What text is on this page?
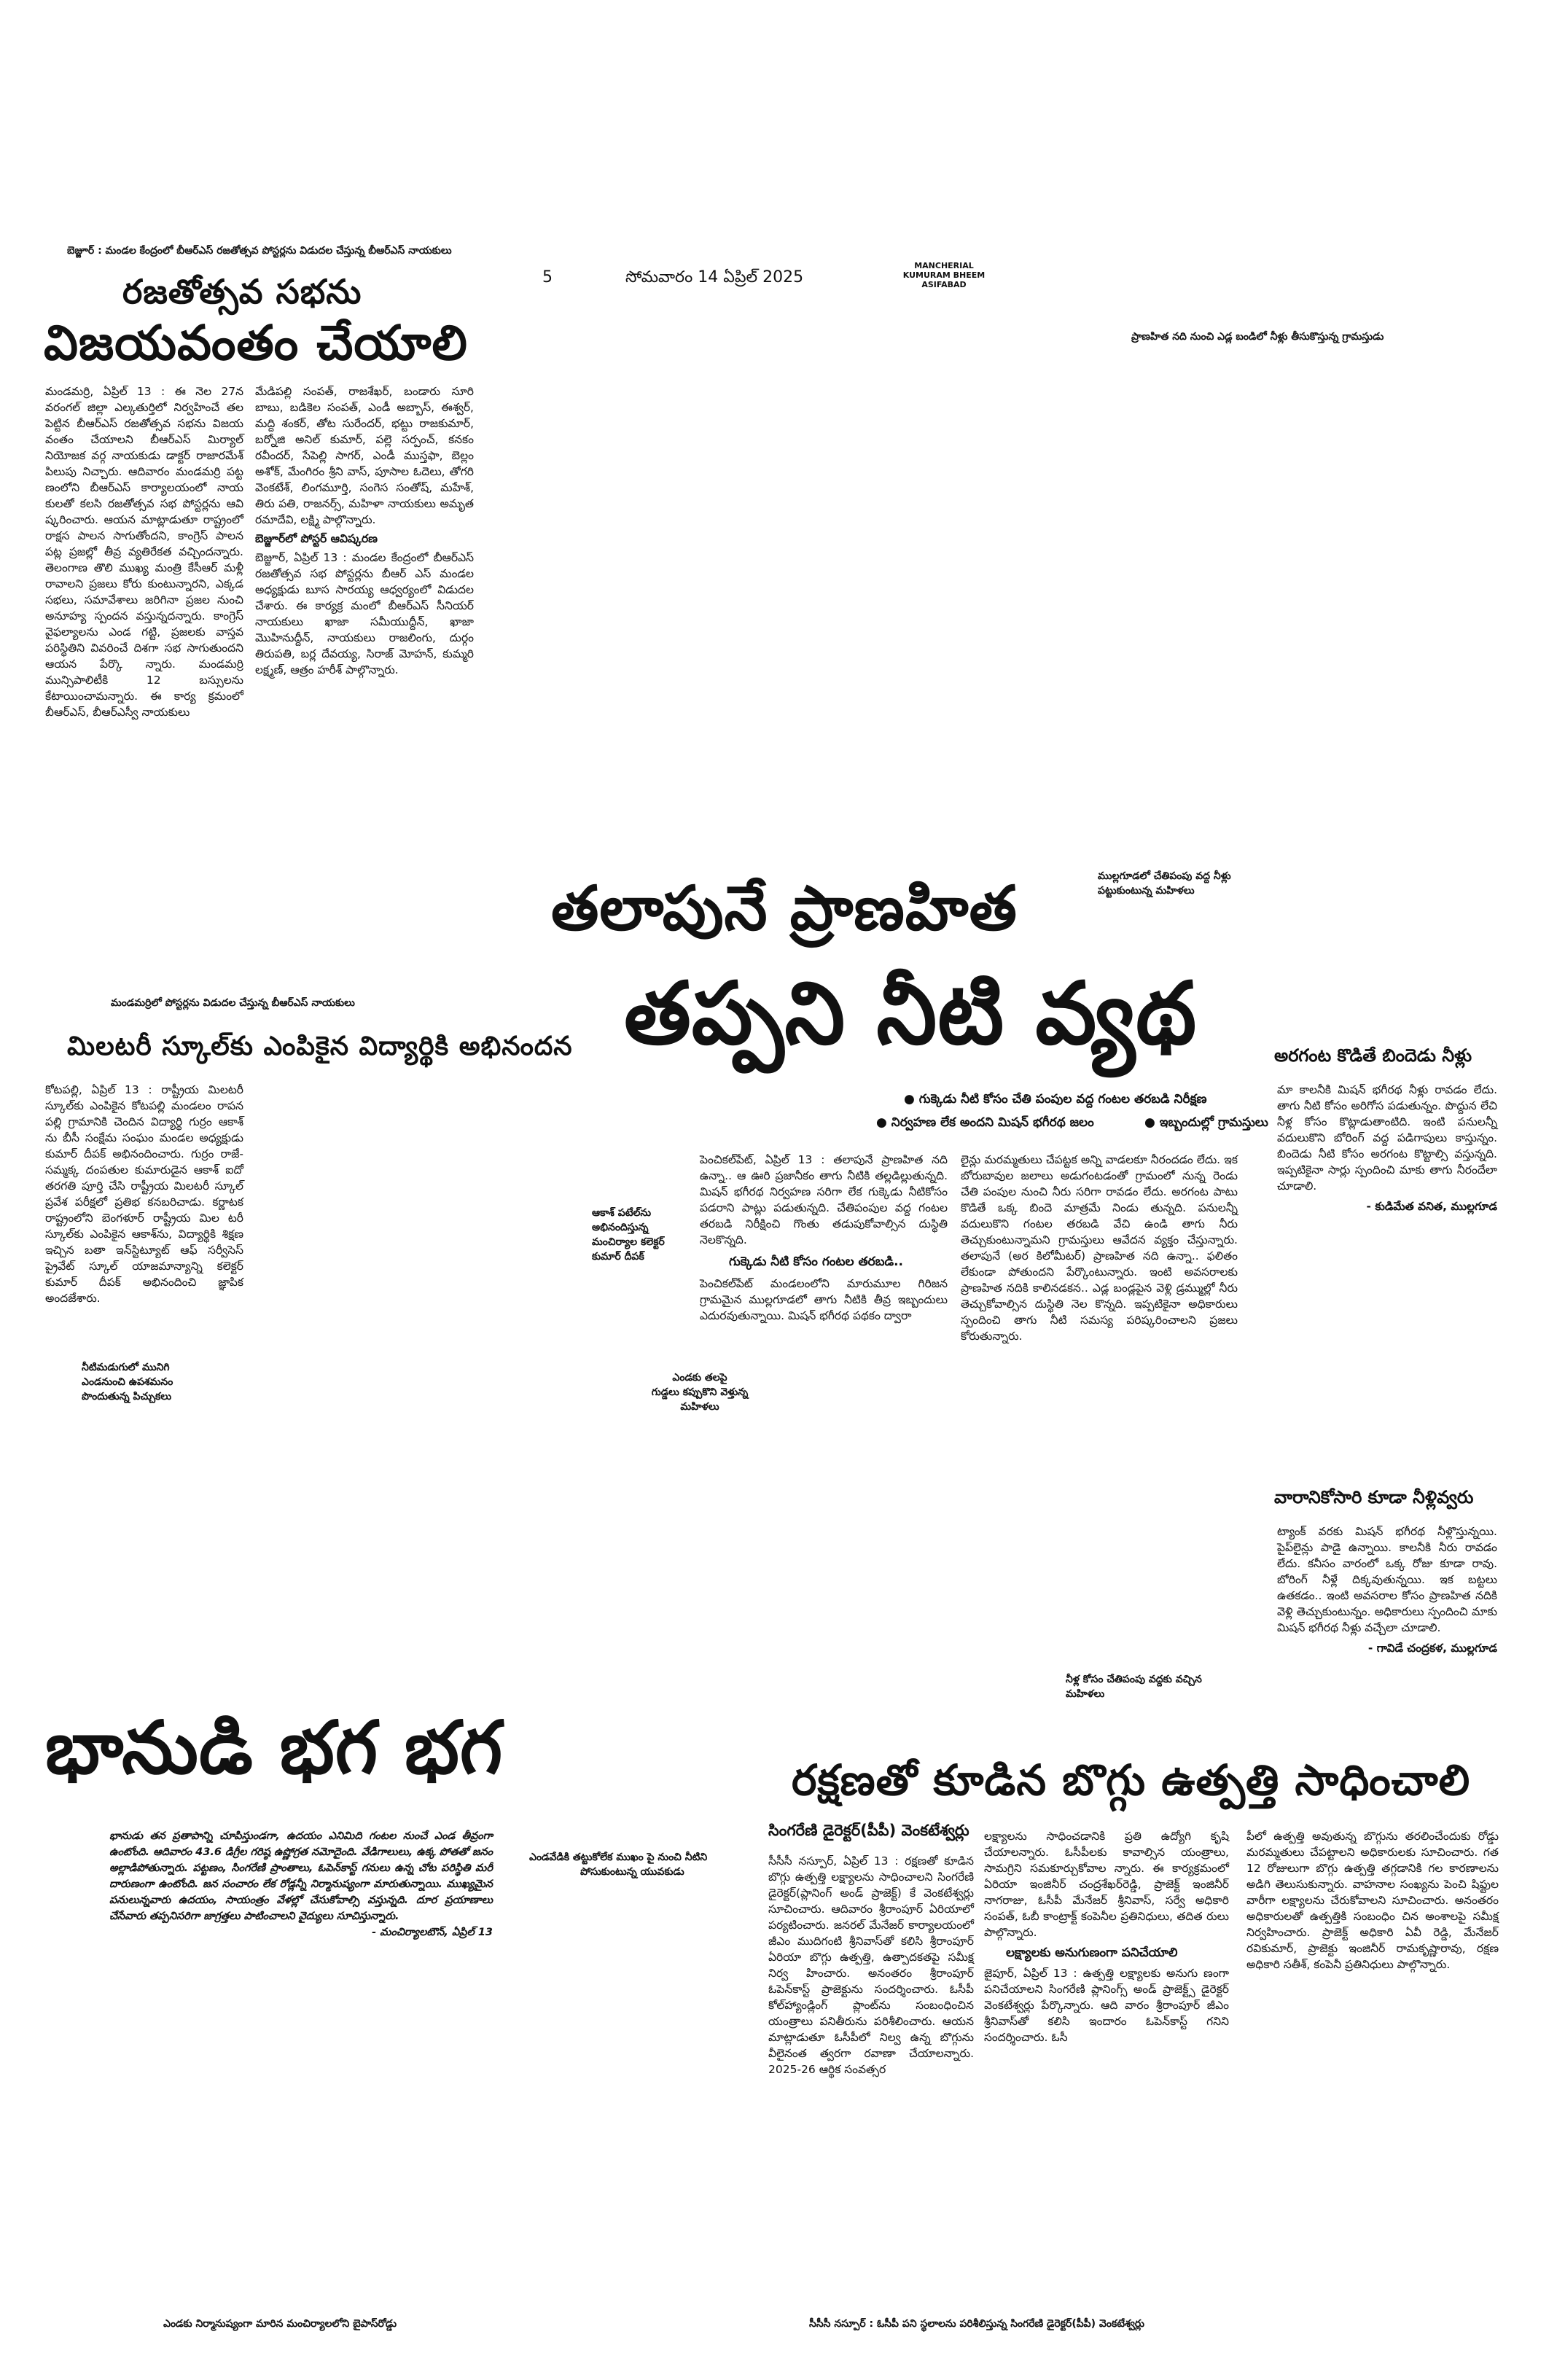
బెజ్జూర్ : మండల కేంద్రంలో బీఆర్ఎస్ రజతోత్సవ పోస్టర్లను విడుదల చేస్తున్న బీఆర్ఎస్ నాయకులు
రజతోత్సవ సభను
విజయవంతం చేయాలి

మండమర్రి, ఏప్రిల్ 13 : ఈ నెల 27న వరంగల్ జిల్లా ఎల్కతుర్తిలో నిర్వహించే తల పెట్టిన బీఆర్ఎస్ రజతోత్సవ సభను విజయ వంతం చేయాలని బీఆర్ఎస్ మిర్యాల్ నియోజక వర్గ నాయకుడు డాక్టర్ రాజారమేశ్ పిలుపు నిచ్చారు. ఆదివారం మండమర్రి పట్ట ణంలోని బీఆర్ఎస్ కార్యాలయంలో నాయ కులతో కలసి రజతోత్సవ సభ పోస్టర్లను ఆవి ష్కరించారు. ఆయన మాట్లాడుతూ రాష్ట్రంలో రాక్షస పాలన సాగుతోందని, కాంగ్రెస్ పాలన పట్ల ప్రజల్లో తీవ్ర వ్యతిరేకత వచ్చిందన్నారు. తెలంగాణ తొలి ముఖ్య మంత్రి కేసీఆర్ మళ్లీ రావాలని ప్రజలు కోరు కుంటున్నారని, ఎక్కడ సభలు, సమావేశాలు జరిగినా ప్రజల నుంచి అనూహ్య స్పందన వస్తున్నదన్నారు. కాంగ్రెస్ వైఫల్యాలను ఎండ గట్టి, ప్రజలకు వాస్తవ పరిస్థితిని వివరించే దిశగా సభ సాగుతుందని ఆయన పేర్కొ న్నారు. మండమర్రి మున్సిపాలిటీకి 12 బస్సులను కేటాయించామన్నారు. ఈ కార్య క్రమంలో బీఆర్ఎస్, బీఆర్ఎస్వీ నాయకులు

మేడిపల్లి సంపత్, రాజశేఖర్, బండారు సూరి బాబు, బడికెల సంపత్, ఎండీ అబ్బాస్, ఈశ్వర్, మద్ది శంకర్, తోట సురేందర్, భట్టు రాజకుమార్, బర్నోజి అనిల్ కుమార్, పల్లె సర్పంచ్, కనకం రవీందర్, సేపెల్లి సాగర్, ఎండీ ముస్తఫా, బెల్లం అశోక్, మేంగిరం శ్రీని వాస్, పూసాల ఓదెలు, తోగరి వెంకటేశ్, లింగమూర్తి, సంగెస సంతోష్, మహేశ్, తిరు పతి, రాజనర్స్, మహిళా నాయకులు అమృత రమాదేవి, లక్ష్మి పాల్గొన్నారు.

బెజ్జూర్‌లో పోస్టర్ ఆవిష్కరణ

బెజ్జూర్, ఏప్రిల్ 13 : మండల కేంద్రంలో బీఆర్ఎస్ రజతోత్సవ సభ పోస్టర్లను బీఆర్ ఎస్ మండల అధ్యక్షుడు బూస సారయ్య ఆధ్వర్యంలో విడుదల చేశారు. ఈ కార్యక్ర మంలో బీఆర్ఎస్ సీనియర్ నాయకులు ఖాజా సమీయుద్దీన్, ఖాజా మొహినుద్దీన్, నాయకులు రాజలింగు, దుర్గం తిరుపతి, బర్ల దేవయ్య, సిరాజ్ మోహన్, కుమ్మరి లక్ష్మణ్, ఆత్రం హరీశ్ పాల్గొన్నారు.

5	సోమవారం 14 ఏప్రిల్ 2025
MANCHERIAL
KUMURAM BHEEM
ASIFABAD
ప్రాణహిత నది నుంచి ఎడ్ల బండిలో నీళ్లు తీసుకొస్తున్న గ్రామస్తుడు
ముల్లగూడలో చేతిపంపు వద్ద నీళ్లు
పట్టుకుంటున్న మహిళలు
తలాపునే ప్రాణహిత
తప్పని నీటి వ్యథ
మండమర్రిలో పోస్టర్లను విడుదల చేస్తున్న బీఆర్ఎస్ నాయకులు
మిలటరీ స్కూల్‌కు ఎంపికైన విద్యార్థికి అభినందన
● గుక్కెడు నీటి కోసం చేతి పంపుల వద్ద గంటల తరబడి నిరీక్షణ
● నిర్వహణ లేక అందని మిషన్ భగీరథ జలం	● ఇబ్బందుల్లో గ్రామస్తులు

కోటపల్లి, ఏప్రిల్ 13 : రాష్ట్రీయ మిలటరీ స్కూల్‌కు ఎంపికైన కోటపల్లి మండలం రాపన పల్లి గ్రామానికి చెందిన విద్యార్థి గుర్రం ఆకాశ్‌ ను బీసీ సంక్షేమ సంఘం మండల అధ్యక్షుడు కుమార్ దీపక్ అభినందించారు. గుర్రం రాజే-సమ్మక్క దంపతుల కుమారుడైన ఆకాశ్ ఐదో తరగతి పూర్తి చేసి రాష్ట్రీయ మిలటరీ స్కూల్ ప్రవేశ పరీక్షలో ప్రతిభ కనబరిచాడు. కర్ణాటక రాష్ట్రంలోని బెంగళూర్ రాష్ట్రీయ మిల టరీ స్కూల్‌కు ఎంపికైన ఆకాశ్‌ను, విద్యార్థికి శిక్షణ ఇచ్చిన బతా ఇన్‌స్టిట్యూట్ ఆఫ్ సర్వీసెస్ ప్రైవేట్ స్కూల్ యాజమాన్యాన్ని కలెక్టర్ కుమార్ దీపక్ అభినందించి జ్ఞాపిక అందజేశారు.

ఆకాశ్ పటేల్‌ను
అభినందిస్తున్న
మంచిర్యాల కలెక్టర్
కుమార్ దీపక్

పెంచికల్‌పేట్, ఏప్రిల్ 13 : తలాపునే ప్రాణహిత నది ఉన్నా.. ఆ ఊరి ప్రజానీకం తాగు నీటికి తల్లడిల్లుతున్నది. మిషన్ భగీరథ నిర్వహణ సరిగా లేక గుక్కెడు నీటికోసం పడరాని పాట్లు పడుతున్నది. చేతిపంపుల వద్ద గంటల తరబడి నిరీక్షించి గొంతు తడుపుకోవాల్సిన దుస్థితి నెలకొన్నది.

గుక్కెడు నీటి కోసం గంటల తరబడి..

పెంచికల్‌పేట్ మండలంలోని మారుమూల గిరిజన గ్రామమైన ముల్లగూడలో తాగు నీటికి తీవ్ర ఇబ్బందులు ఎదురవుతున్నాయి. మిషన్ భగీరథ పథకం ద్వారా

లైన్లు మరమ్మతులు చేపట్టక అన్ని వాడలకూ నీరందడం లేదు. ఇక బోరుబావుల జలాలు అడుగంటడంతో గ్రామంలో నున్న రెండు చేతి పంపుల నుంచి నీరు సరిగా రావడం లేదు. అరగంట పాటు కొడితే ఒక్క బిందె మాత్రమే నిండు తున్నది. పనులన్నీ వదులుకొని గంటల తరబడి వేచి ఉండి తాగు నీరు తెచ్చుకుంటున్నామని గ్రామస్తులు ఆవేదన వ్యక్తం చేస్తున్నారు. తలాపునే (అర కిలోమీటర్) ప్రాణహిత నది ఉన్నా.. ఫలితం లేకుండా పోతుందని పేర్కొంటున్నారు. ఇంటి అవసరాలకు ప్రాణహిత నదికి కాలినడకన.. ఎడ్ల బండ్లపైన వెళ్లి డ్రమ్ముల్లో నీరు తెచ్చుకోవాల్సిన దుస్థితి నెల కొన్నది. ఇప్పటికైనా అధికారులు స్పందించి తాగు నీటి సమస్య పరిష్కరించాలని ప్రజలు కోరుతున్నారు.

అరగంట కొడితే బిందెడు నీళ్లు

మా కాలనీకి మిషన్ భగీరథ నీళ్లు రావడం లేదు. తాగు నీటి కోసం అరిగోస పడుతున్నం. పొద్దున లేచి నీళ్ల కోసం కొట్లాడుతాంటిది. ఇంటి పనులన్నీ వదులుకొని బోరింగ్ వద్ద పడిగాపులు కాస్తున్నం. బిందెడు నీటి కోసం అరగంట కొట్టాల్సి వస్తున్నది. ఇప్పటికైనా సార్లు స్పందించి మాకు తాగు నీరందేలా చూడాలి.

- కుడిమేత వనిత, ముల్లగూడ

నీటిమడుగులో మునిగి
ఎండనుంచి ఉపశమనం
పొందుతున్న పిచ్చుకలు
ఎండకు తలపై
గుడ్డలు కప్పుకొని వెళ్తున్న
మహిళలు
వారానికోసారి కూడా నీళ్లివ్వరు

ట్యాంక్ వరకు మిషన్ భగీరథ నీళ్లొస్తున్నయి. పైప్‌లైన్లు పాడై ఉన్నాయి. కాలనీకి నీరు రావడం లేదు. కనీసం వారంలో ఒక్క రోజు కూడా రావు. బోరింగ్ నీళ్లే దిక్కవుతున్నయి. ఇక బట్టలు ఉతకడం.. ఇంటి అవసరాల కోసం ప్రాణహిత నదికి వెళ్లి తెచ్చుకుంటున్నం. అధికారులు స్పందించి మాకు మిషన్ భగీరథ నీళ్లు వచ్చేలా చూడాలి.

- గావిడే చంద్రకళ, ముల్లగూడ

నీళ్ల కోసం చేతిపంపు వద్దకు వచ్చిన
మహిళలు
భానుడి భగ భగ
భానుడు తన ప్రతాపాన్ని చూపిస్తుండగా, ఉదయం ఎనిమిది గంటల నుంచే ఎండ తీవ్రంగా ఉంటోంది. ఆదివారం 43.6 డిగ్రీల గరిష్ఠ ఉష్ణోగ్రత నమోదైంది. వేడిగాలులు, ఉక్క పోతతో జనం అల్లాడిపోతున్నారు. పట్టణం, సింగరేణి ప్రాంతాలు, ఓపెన్‌కాస్ట్ గనులు ఉన్న చోట పరిస్థితి మరీ దారుణంగా ఉంటోంది. జన సంచారం లేక రోడ్లన్నీ నిర్మానుష్యంగా మారుతున్నాయి. ముఖ్యమైన పనులున్నవారు ఉదయం, సాయంత్రం వేళల్లో చేసుకోవాల్సి వస్తున్నది. దూర ప్రయాణాలు చేసేవారు తప్పనిసరిగా జాగ్రత్తలు పాటించాలని వైద్యులు సూచిస్తున్నారు.
- మంచిర్యాలటౌన్, ఏప్రిల్ 13
ఎండవేడికి తట్టుకోలేక ముఖం పై నుంచి నీటిని
పోసుకుంటున్న యువకుడు
రక్షణతో కూడిన బొగ్గు ఉత్పత్తి సాధించాలి
సింగరేణి డైరెక్టర్(పీపీ) వెంకటేశ్వర్లు

సీసీసీ నస్పూర్, ఏప్రిల్ 13 : రక్షణతో కూడిన బొగ్గు ఉత్పత్తి లక్ష్యాలను సాధించాలని సింగరేణి డైరెక్టర్(ప్లానింగ్ అండ్ ప్రాజెక్ట్) కే వెంకటేశ్వర్లు సూచించారు. ఆదివారం శ్రీరాంపూర్ ఏరియాలో పర్యటించారు. జనరల్ మేనేజర్ కార్యాలయంలో జీఎం ముదిగంటి శ్రీనివాస్‌తో కలిసి శ్రీరాంపూర్ ఏరియా బొగ్గు ఉత్పత్తి, ఉత్పాదకతపై సమీక్ష నిర్వ హించారు. అనంతరం శ్రీరాంపూర్ ఓపెన్‌కాస్ట్ ప్రాజెక్టును సందర్శించారు. ఓసీపీ కోల్‌హ్యాండ్లింగ్ ప్లాంట్‌ను సంబంధించిన యంత్రాలు పనితీరును పరిశీలించారు. ఆయన మాట్లాడుతూ ఓసీపీలో నిల్వ ఉన్న బొగ్గును వీలైనంత త్వరగా రవాణా చేయాలన్నారు. 2025-26 ఆర్థిక సంవత్సర

లక్ష్యాలను సాధించడానికి ప్రతి ఉద్యోగి కృషి చేయాలన్నారు. ఓసీపీలకు కావాల్సిన యంత్రాలు, సామగ్రిని సమకూర్చుకోవాల న్నారు. ఈ కార్యక్రమంలో ఏరియా ఇంజినీర్ చంద్రశేఖర్‌రెడ్డి, ప్రాజెక్ట్ ఇంజినీర్ నాగరాజు, ఓసీపీ మేనేజర్ శ్రీనివాస్, సర్వే అధికారి సంపత్, ఓబీ కాంట్రాక్ట్ కంపెనీల ప్రతినిధులు, తదిత రులు పాల్గొన్నారు.

లక్ష్యాలకు అనుగుణంగా పనిచేయాలి

జైపూర్, ఏప్రిల్ 13 : ఉత్పత్తి లక్ష్యాలకు అనుగు ణంగా పనిచేయాలని సింగరేణి ప్లానింగ్స్ అండ్ ప్రాజెక్ట్స్ డైరెక్టర్ వెంకటేశ్వర్లు పేర్కొన్నారు. ఆది వారం శ్రీరాంపూర్ జీఎం శ్రీనివాస్‌తో కలిసి ఇందారం ఓపెన్‌కాస్ట్ గనిని సందర్శించారు. ఓసీ

పీలో ఉత్పత్తి అవుతున్న బొగ్గును తరలించేందుకు రోడ్డు మరమ్మతులు చేపట్టాలని అధికారులకు సూచించారు. గత 12 రోజులుగా బొగ్గు ఉత్పత్తి తగ్గడానికి గల కారణాలను అడిగి తెలుసుకున్నారు. వాహనాల సంఖ్యను పెంచి షిఫ్టుల వారీగా లక్ష్యాలను చేరుకోవాలని సూచించారు. అనంతరం అధికారులతో ఉత్పత్తికి సంబంధిం చిన అంశాలపై సమీక్ష నిర్వహించారు. ప్రాజెక్ట్ అధికారి ఏవీ రెడ్డి, మేనేజర్ రవికుమార్, ప్రాజెక్టు ఇంజినీర్ రామకృష్ణారావు, రక్షణ అధికారి సతీశ్, కంపెనీ ప్రతినిధులు పాల్గొన్నారు.

ఎండకు నిర్మానుష్యంగా మారిన మంచిర్యాలలోని బైపాస్‌రోడ్డు	సీసీసీ నస్పూర్ : ఓసీపీ పని స్థలాలను పరిశీలిస్తున్న సింగరేణి డైరెక్టర్(పీపీ) వెంకటేశ్వర్లు
